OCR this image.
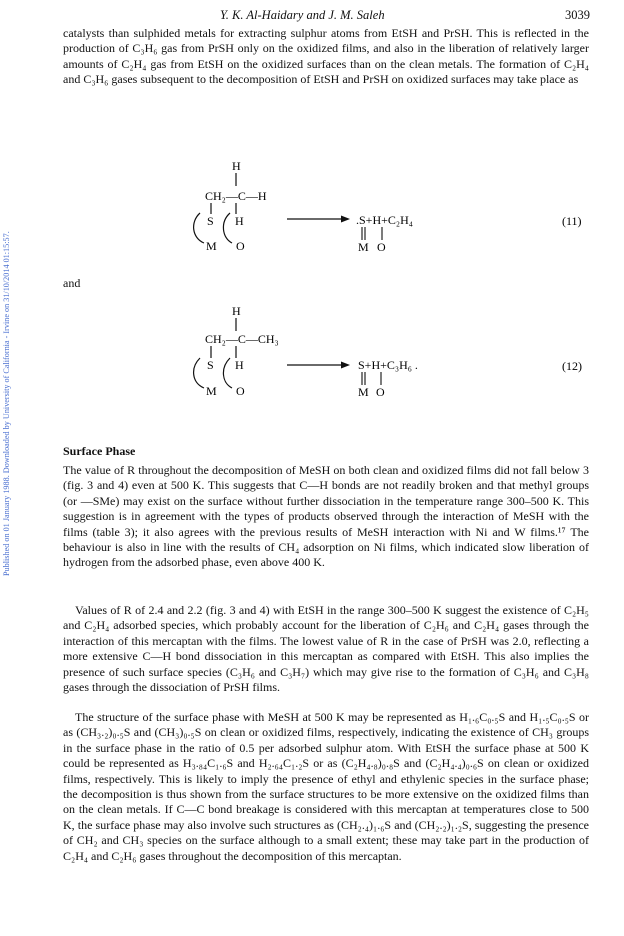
Published on 01 January 1988. Downloaded by University of California - Irvine on 31/10/2014 01:15:57.
Y. K. Al-Haidary and J. M. Saleh	3039

catalysts than sulphided metals for extracting sulphur atoms from EtSH and PrSH. This is reflected in the production of C₃H₆ gas from PrSH only on the oxidized films, and also in the liberation of relatively larger amounts of C₂H₄ gas from EtSH on the oxidized surfaces than on the clean metals. The formation of C₂H₄ and C₃H₆ gases subsequent to the decomposition of EtSH and PrSH on oxidized surfaces may take place as

H
CH₂—C—H
S H
M O
.S+H+C₂H₄
M O
(11)

and

H
CH₂—C—CH₃
S H
M O
S+H+C₃H₆ .
M O
(12)

Surface Phase

The value of R throughout the decomposition of MeSH on both clean and oxidized films did not fall below 3 (fig. 3 and 4) even at 500 K. This suggests that C—H bonds are not readily broken and that methyl groups (or —SMe) may exist on the surface without further dissociation in the temperature range 300–500 K. This suggestion is in agreement with the types of products observed through the interaction of MeSH with the films (table 3); it also agrees with the previous results of MeSH interaction with Ni and W films.¹⁷ The behaviour is also in line with the results of CH₄ adsorption on Ni films, which indicated slow liberation of hydrogen from the adsorbed phase, even above 400 K.

Values of R of 2.4 and 2.2 (fig. 3 and 4) with EtSH in the range 300–500 K suggest the existence of C₂H₅ and C₂H₄ adsorbed species, which probably account for the liberation of C₂H₆ and C₂H₄ gases through the interaction of this mercaptan with the films. The lowest value of R in the case of PrSH was 2.0, reflecting a more extensive C—H bond dissociation in this mercaptan as compared with EtSH. This also implies the presence of such surface species (C₃H₆ and C₃H₇) which may give rise to the formation of C₃H₆ and C₃H₈ gases through the dissociation of PrSH films.

The structure of the surface phase with MeSH at 500 K may be represented as H₁.₆C₀.₅S and H₁.₅C₀.₅S or as (CH₃.₂)₀.₅S and (CH₃)₀.₅S on clean or oxidized films, respectively, indicating the existence of CH₃ groups in the surface phase in the ratio of 0.5 per adsorbed sulphur atom. With EtSH the surface phase at 500 K could be represented as H₃.₈₄C₁.₆S and H₂.₆₄C₁.₂S or as (C₂H₄.₈)₀.₈S and (C₂H₄.₄)₀.₆S on clean or oxidized films, respectively. This is likely to imply the presence of ethyl and ethylenic species in the surface phase; the decomposition is thus shown from the surface structures to be more extensive on the oxidized films than on the clean metals. If C—C bond breakage is considered with this mercaptan at temperatures close to 500 K, the surface phase may also involve such structures as (CH₂.₄)₁.₆S and (CH₂.₂)₁.₂S, suggesting the presence of CH₂ and CH₃ species on the surface although to a small extent; these may take part in the production of C₂H₄ and C₂H₆ gases throughout the decomposition of this mercaptan.
